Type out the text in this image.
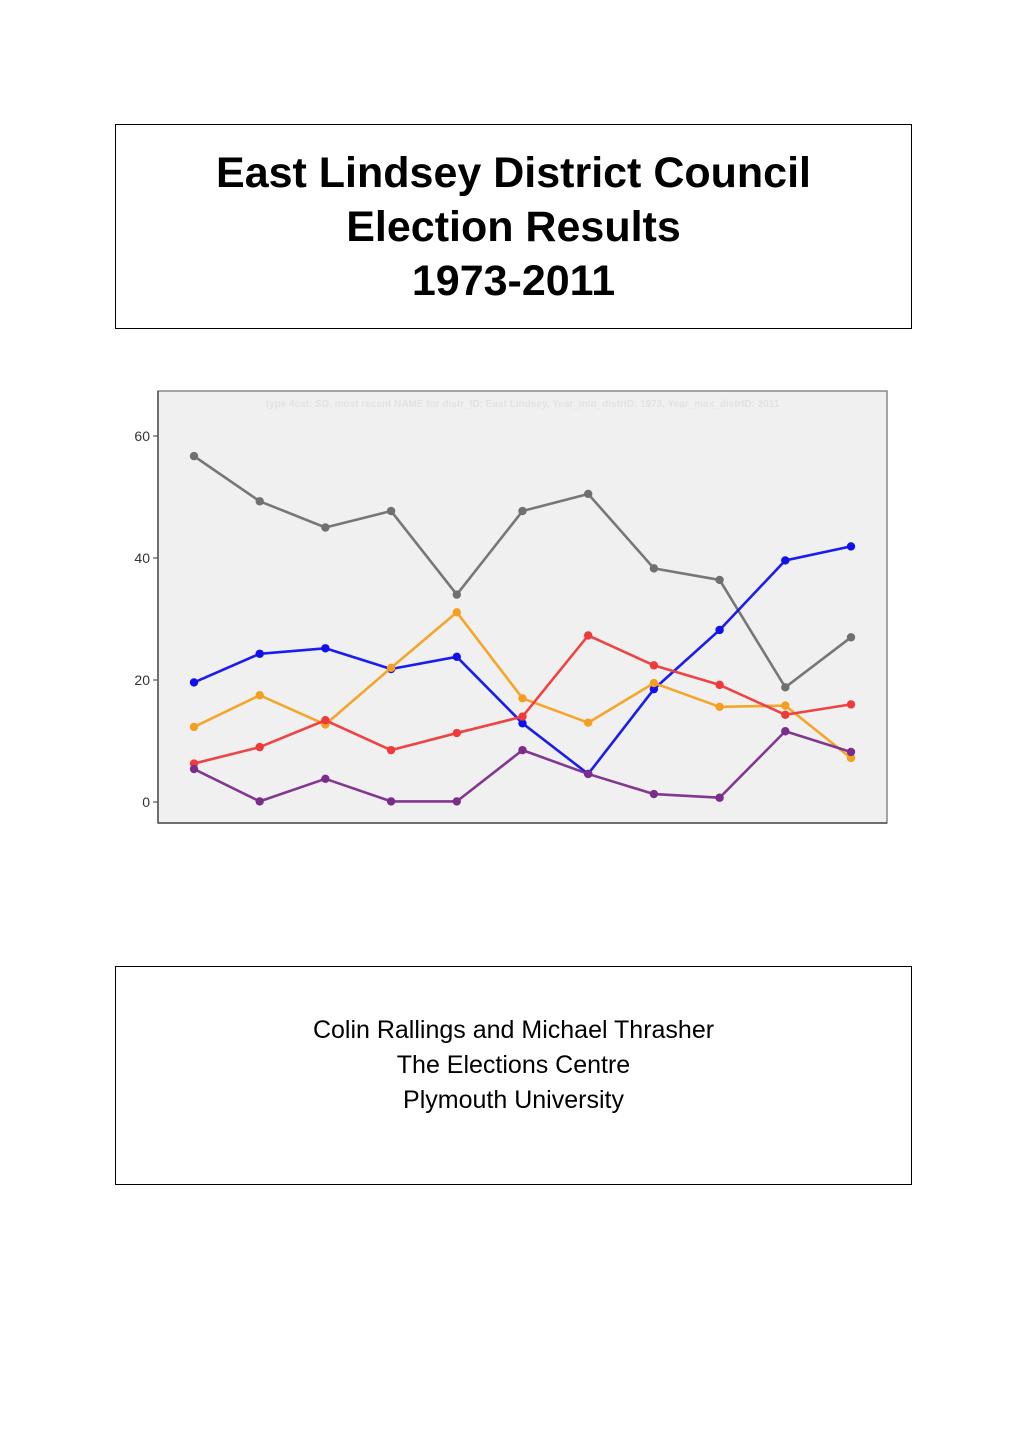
East Lindsey District Council
Election Results
1973-2011
type 4cat: SD, most recent NAME for distr_ID: East Lindsey, Year_min_distrID: 1973, Year_max_distrID: 2011
0
20
40
60
Colin Rallings and Michael Thrasher
The Elections Centre
Plymouth University
